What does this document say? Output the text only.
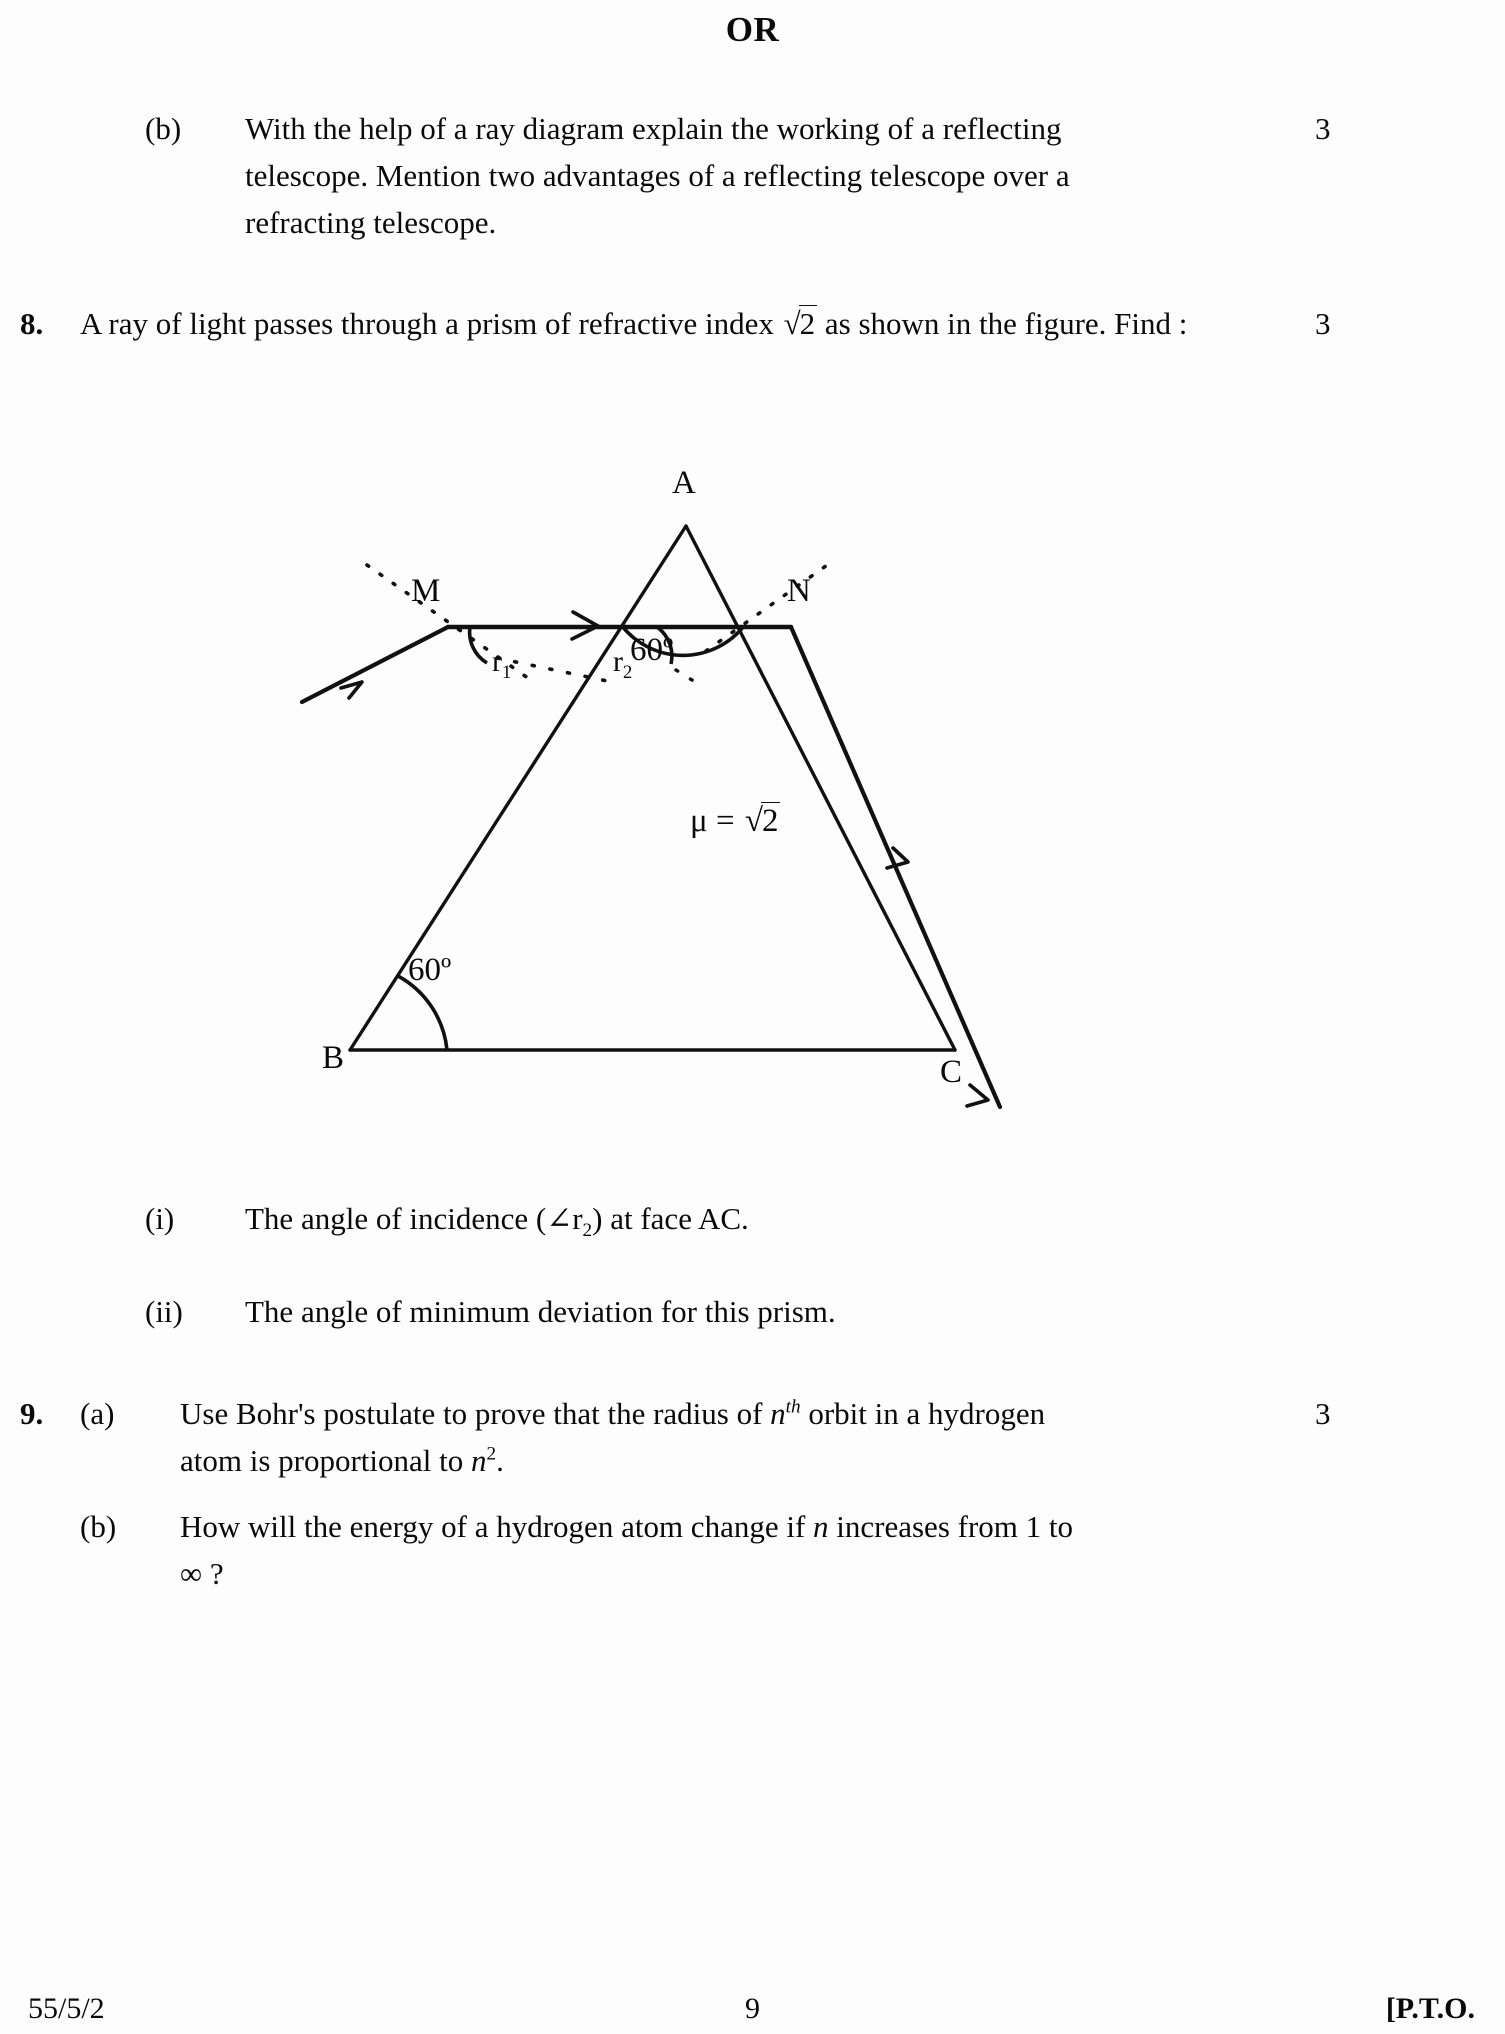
OR
(b)	With the help of a ray diagram explain the working of a reflecting telescope. Mention two advantages of a reflecting telescope over a refracting telescope.
3
8.	A ray of light passes through a prism of refractive index √2 as shown in the figure. Find :	3
A
60º
M	N
$r_1$	$r_2$
μ = √2
60º
B	C
(i)	The angle of incidence $(\angle r_2)$ at face AC.
(ii)	The angle of minimum deviation for this prism.
9.	(a)	Use Bohr's postulate to prove that the radius of $n^{th}$ orbit in a hydrogen atom is proportional to $n^2$.
3
(b)	How will the energy of a hydrogen atom change if n increases from 1 to ∞ ?
55/5/2	9	[P.T.O.
